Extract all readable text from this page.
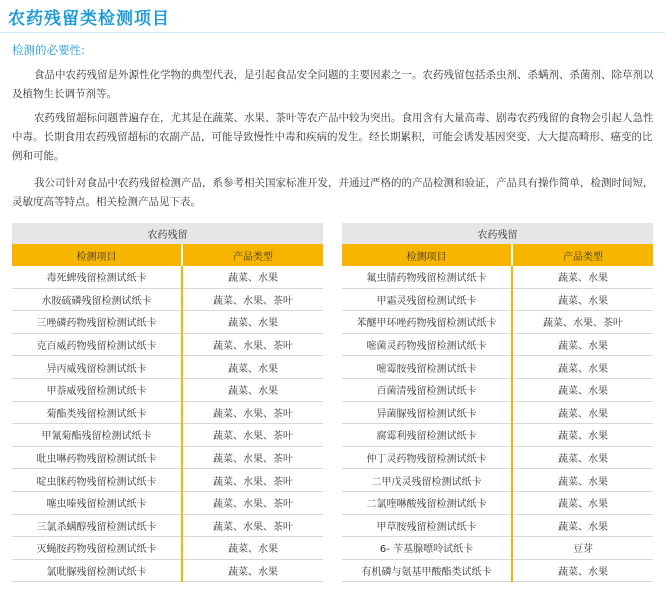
农药残留类检测项目
检测的必要性:

食品中农药残留是外源性化学物的典型代表，是引起食品安全问题的主要因素之一。农药残留包括杀虫剂、杀螨剂、杀菌剂、除草剂以及植物生长调节剂等。

农药残留超标问题普遍存在，尤其是在蔬菜、水果、茶叶等农产品中较为突出。食用含有大量高毒、剧毒农药残留的食物会引起人急性中毒。长期食用农药残留超标的农副产品，可能导致慢性中毒和疾病的发生。经长期累积，可能会诱发基因突变、大大提高畸形、癌变的比例和可能。

我公司针对食品中农药残留检测产品，系参考相关国家标准开发，并通过严格的的产品检测和验证，产品具有操作简单，检测时间短，灵敏度高等特点。相关检测产品见下表。

农药残留	
检测项目	产品类型
毒死蜱残留检测试纸卡	蔬菜、水果
水胺硫磷残留检测试纸卡	蔬菜、水果、茶叶
三唑磷药物残留检测试纸卡	蔬菜、水果
克百威药物残留检测试纸卡	蔬菜、水果、茶叶
异丙威残留检测试纸卡	蔬菜、水果
甲萘威残留检测试纸卡	蔬菜、水果
菊酯类残留检测试纸卡	蔬菜、水果、茶叶
甲氰菊酯残留检测试纸卡	蔬菜、水果、茶叶
吡虫啉药物残留检测试纸卡	蔬菜、水果、茶叶
啶虫脒药物残留检测试纸卡	蔬菜、水果、茶叶
噻虫嗪残留检测试纸卡	蔬菜、水果、茶叶
三氯杀螨醇残留检测试纸卡	蔬菜、水果、茶叶
灭蝇胺药物残留检测试纸卡	蔬菜、水果
氯吡脲残留检测试纸卡	蔬菜、水果
农药残留	
检测项目	产品类型
氟虫腈药物残留检测试纸卡	蔬菜、水果
甲霜灵残留检测试纸卡	蔬菜、水果
苯醚甲环唑药物残留检测试纸卡	蔬菜、水果、茶叶
嘧菌灵药物残留检测试纸卡	蔬菜、水果
嘧霉胺残留检测试纸卡	蔬菜、水果
百菌清残留检测试纸卡	蔬菜、水果
异菌脲残留检测试纸卡	蔬菜、水果
腐霉利残留检测试纸卡	蔬菜、水果
仲丁灵药物残留检测试纸卡	蔬菜、水果
二甲戊灵残留检测试纸卡	蔬菜、水果
二氯喹啉酸残留检测试纸卡	蔬菜、水果
甲草胺残留检测试纸卡	蔬菜、水果
6- 苄基腺嘌呤试纸卡	豆芽
有机磷与氨基甲酸酯类试纸卡	蔬菜、水果
